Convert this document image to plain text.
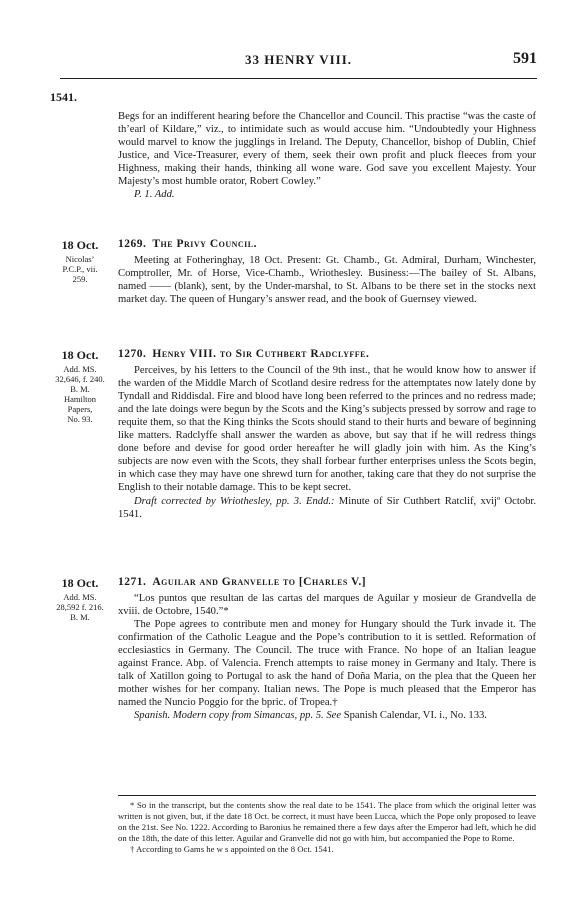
33 HENRY VIII.	591
1541.

Begs for an indifferent hearing before the Chancellor and Council. This practise “was the caste of th’earl of Kildare,” viz., to intimidate such as would accuse him. “Undoubtedly your Highness would marvel to know the jugglings in Ireland. The Deputy, Chancellor, bishop of Dublin, Chief Justice, and Vice-Treasurer, every of them, seek their own profit and pluck fleeces from your Highness, making their hands, thinking all wone ware. God save you excellent Majesty. Your Majesty’s most humble orator, Robert Cowley.”

P. 1. Add.

18 Oct.
Nicolas’
P.C.P., vii.
259.
1269. The Privy Council.

Meeting at Fotheringhay, 18 Oct. Present: Gt. Chamb., Gt. Admiral, Durham, Winchester, Comptroller, Mr. of Horse, Vice-Chamb., Wriothesley. Business:—The bailey of St. Albans, named —— (blank), sent, by the Under-marshal, to St. Albans to be there set in the stocks next market day. The queen of Hungary’s answer read, and the book of Guernsey viewed.

18 Oct.
Add. MS.
32,646, f. 240.
B. M.
Hamilton
Papers,
No. 93.
1270. Henry VIII. to Sir Cuthbert Radclyffe.

Perceives, by his letters to the Council of the 9th inst., that he would know how to answer if the warden of the Middle March of Scotland desire redress for the attemptates now lately done by Tyndall and Riddisdal. Fire and blood have long been referred to the princes and no redress made; and the late doings were begun by the Scots and the King’s subjects pressed by sorrow and rage to requite them, so that the King thinks the Scots should stand to their hurts and beware of beginning like matters. Radclyffe shall answer the warden as above, but say that if he will redress things done before and devise for good order hereafter he will gladly join with him. As the King’s subjects are now even with the Scots, they shall forbear further enterprises unless the Scots begin, in which case they may have one shrewd turn for another, taking care that they do not surprise the English to their notable damage. This to be kept secret.

Draft corrected by Wriothesley, pp. 3. Endd.: Minute of Sir Cuthbert Ratclif, xvijº Octobr. 1541.

18 Oct.
Add. MS.
28,592 f. 216.
B. M.
1271. Aguilar and Granvelle to [Charles V.]

“Los puntos que resultan de las cartas del marques de Aguilar y mosieur de Grandvella de xviii. de Octobre, 1540.”*

The Pope agrees to contribute men and money for Hungary should the Turk invade it. The confirmation of the Catholic League and the Pope’s contribution to it is settled. Reformation of ecclesiastics in Germany. The Council. The truce with France. No hope of an Italian league against France. Abp. of Valencia. French attempts to raise money in Germany and Italy. There is talk of Xatillon going to Portugal to ask the hand of Doña Maria, on the plea that the Queen her mother wishes for her company. Italian news. The Pope is much pleased that the Emperor has named the Nuncio Poggio for the bpric. of Tropea.†

Spanish. Modern copy from Simancas, pp. 5. See Spanish Calendar, VI. i., No. 133.

* So in the transcript, but the contents show the real date to be 1541. The place from which the original letter was written is not given, but, if the date 18 Oct. be correct, it must have been Lucca, which the Pope only proposed to leave on the 21st. See No. 1222. According to Baronius he remained there a few days after the Emperor had left, which he did on the 18th, the date of this letter. Aguilar and Granvelle did not go with him, but accompanied the Pope to Rome.

† According to Gams he w s appointed on the 8 Oct. 1541.
